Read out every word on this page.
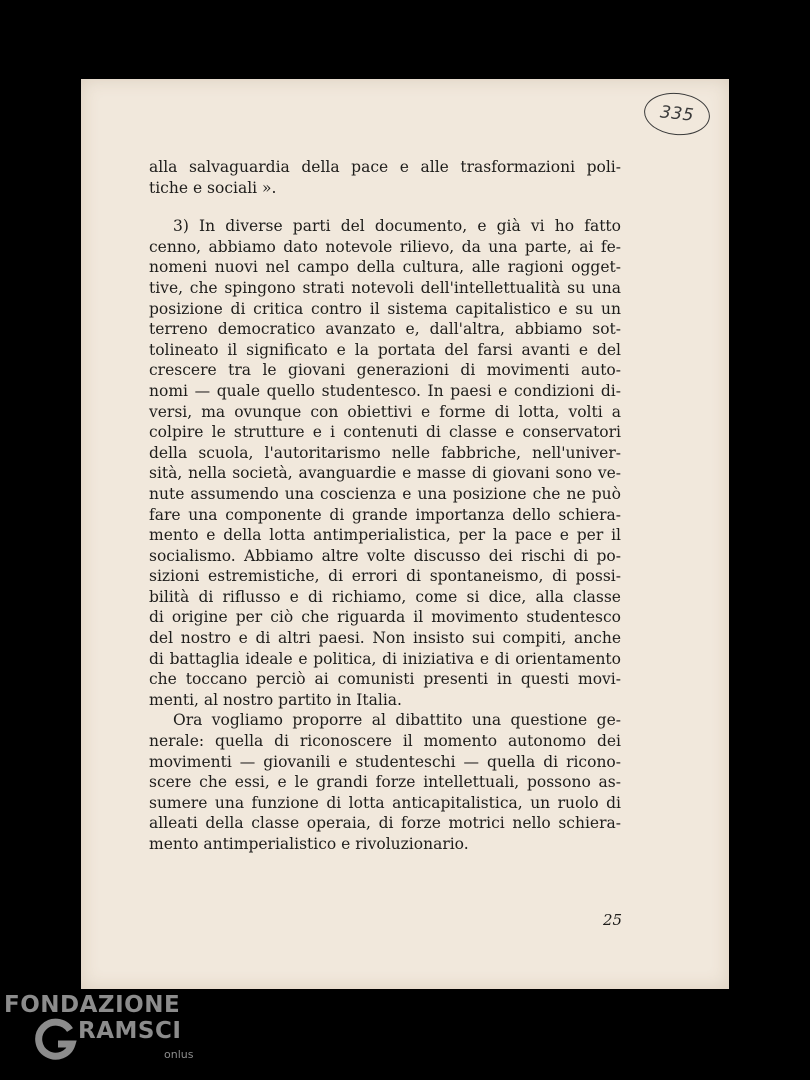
335
alla salvaguardia della pace e alle trasformazioni poli-
tiche e sociali ».
3) In diverse parti del documento, e già vi ho fatto
cenno, abbiamo dato notevole rilievo, da una parte, ai fe-
nomeni nuovi nel campo della cultura, alle ragioni ogget-
tive, che spingono strati notevoli dell'intellettualità su una
posizione di critica contro il sistema capitalistico e su un
terreno democratico avanzato e, dall'altra, abbiamo sot-
tolineato il significato e la portata del farsi avanti e del
crescere tra le giovani generazioni di movimenti auto-
nomi — quale quello studentesco. In paesi e condizioni di-
versi, ma ovunque con obiettivi e forme di lotta, volti a
colpire le strutture e i contenuti di classe e conservatori
della scuola, l'autoritarismo nelle fabbriche, nell'univer-
sità, nella società, avanguardie e masse di giovani sono ve-
nute assumendo una coscienza e una posizione che ne può
fare una componente di grande importanza dello schiera-
mento e della lotta antimperialistica, per la pace e per il
socialismo. Abbiamo altre volte discusso dei rischi di po-
sizioni estremistiche, di errori di spontaneismo, di possi-
bilità di riflusso e di richiamo, come si dice, alla classe
di origine per ciò che riguarda il movimento studentesco
del nostro e di altri paesi. Non insisto sui compiti, anche
di battaglia ideale e politica, di iniziativa e di orientamento
che toccano perciò ai comunisti presenti in questi movi-
menti, al nostro partito in Italia.
Ora vogliamo proporre al dibattito una questione ge-
nerale: quella di riconoscere il momento autonomo dei
movimenti — giovanili e studenteschi — quella di ricono-
scere che essi, e le grandi forze intellettuali, possono as-
sumere una funzione di lotta anticapitalistica, un ruolo di
alleati della classe operaia, di forze motrici nello schiera-
mento antimperialistico e rivoluzionario.
25
FONDAZIONE
RAMSCI
onlus
